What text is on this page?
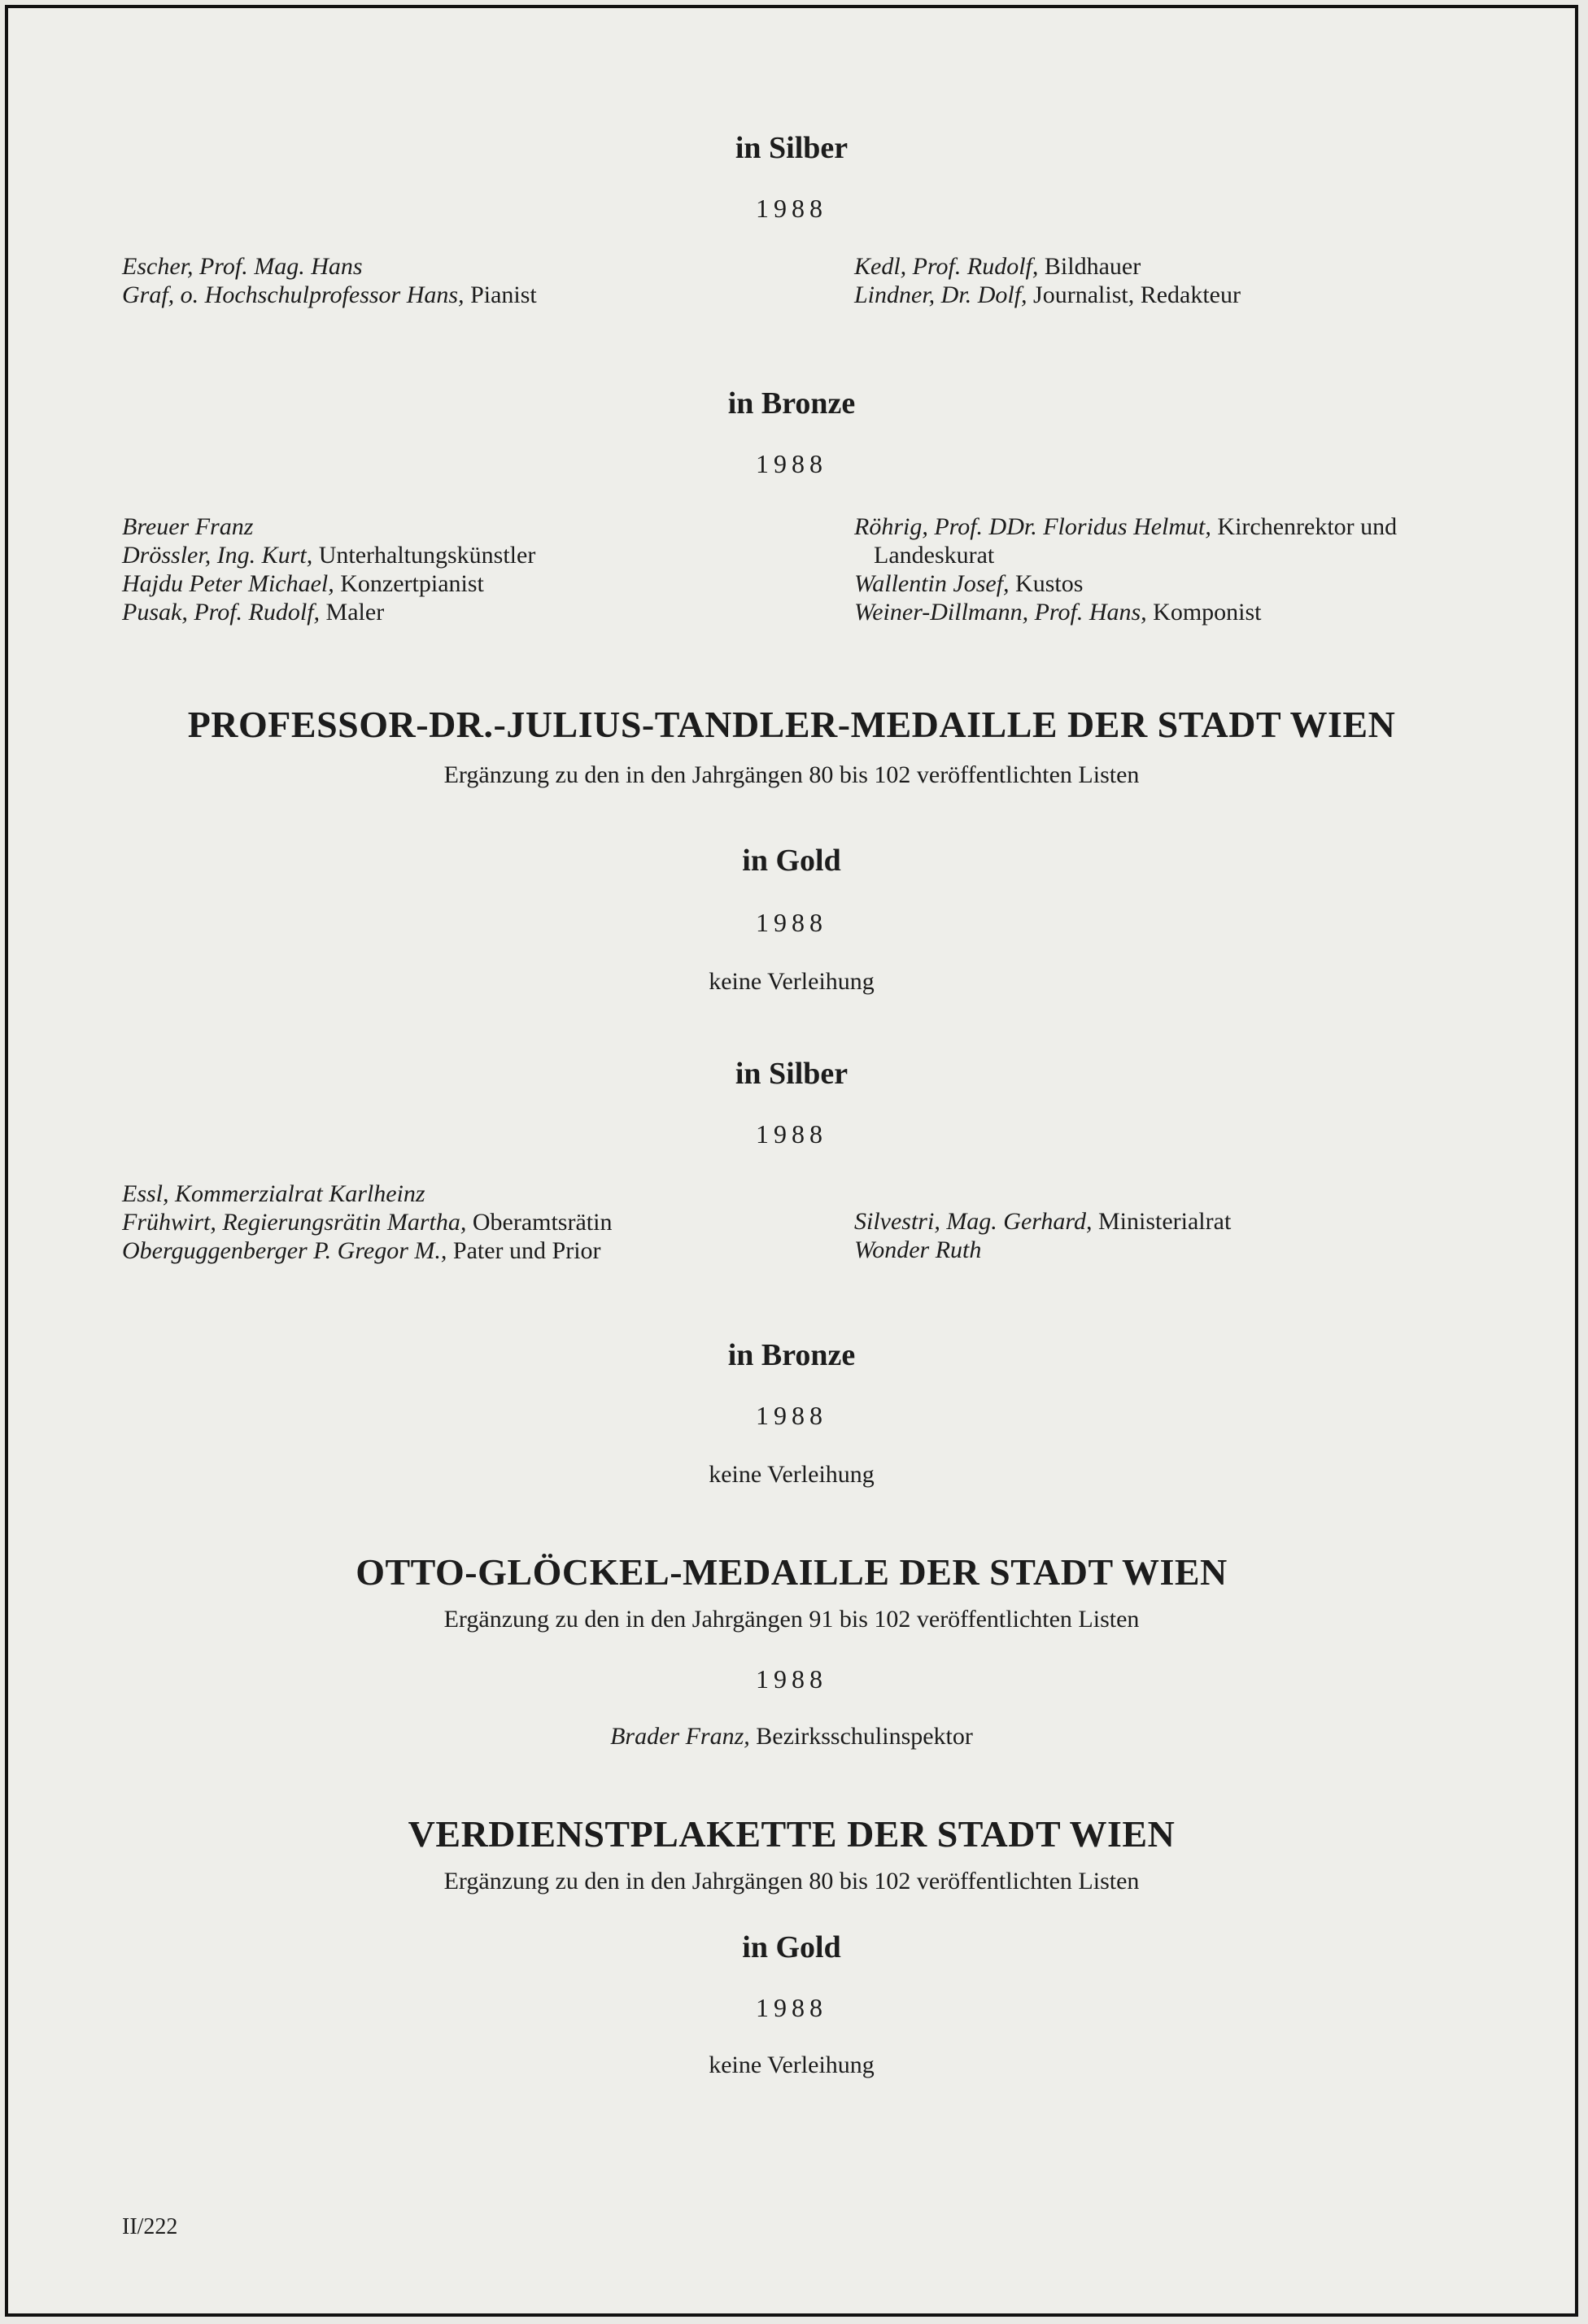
in Silber
1988
Escher, Prof. Mag. Hans
Graf, o. Hochschulprofessor Hans, Pianist
Kedl, Prof. Rudolf, Bildhauer
Lindner, Dr. Dolf, Journalist, Redakteur
in Bronze
1988
Breuer Franz
Drössler, Ing. Kurt, Unterhaltungskünstler
Hajdu Peter Michael, Konzertpianist
Pusak, Prof. Rudolf, Maler
Röhrig, Prof. DDr. Floridus Helmut, Kirchenrektor und
Landeskurat
Wallentin Josef, Kustos
Weiner-Dillmann, Prof. Hans, Komponist
PROFESSOR-DR.-JULIUS-TANDLER-MEDAILLE DER STADT WIEN
Ergänzung zu den in den Jahrgängen 80 bis 102 veröffentlichten Listen
in Gold
1988
keine Verleihung
in Silber
1988
Essl, Kommerzialrat Karlheinz
Frühwirt, Regierungsrätin Martha, Oberamtsrätin
Oberguggenberger P. Gregor M., Pater und Prior
Silvestri, Mag. Gerhard, Ministerialrat
Wonder Ruth
in Bronze
1988
keine Verleihung
OTTO-GLÖCKEL-MEDAILLE DER STADT WIEN
Ergänzung zu den in den Jahrgängen 91 bis 102 veröffentlichten Listen
1988
Brader Franz, Bezirksschulinspektor
VERDIENSTPLAKETTE DER STADT WIEN
Ergänzung zu den in den Jahrgängen 80 bis 102 veröffentlichten Listen
in Gold
1988
keine Verleihung
II/222
